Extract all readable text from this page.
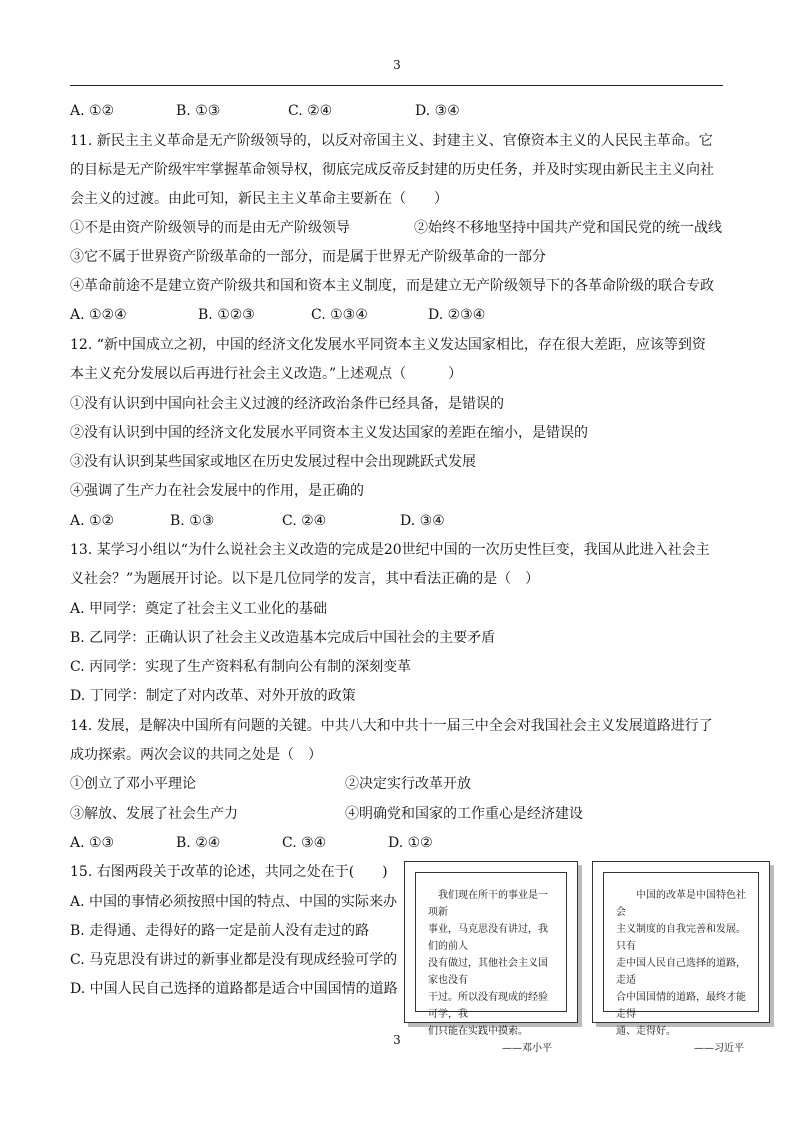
3
A. ①②	B. ①③	C. ②④	D. ③④
11. 新民主主义革命是无产阶级领导的，以反对帝国主义、封建主义、官僚资本主义的人民民主革命。它
的目标是无产阶级牢牢掌握革命领导权，彻底完成反帝反封建的历史任务，并及时实现由新民主主义向社
会主义的过渡。由此可知，新民主主义革命主要新在（　　）
①不是由资产阶级领导的而是由无产阶级领导	②始终不移地坚持中国共产党和国民党的统一战线
③它不属于世界资产阶级革命的一部分，而是属于世界无产阶级革命的一部分
④革命前途不是建立资产阶级共和国和资本主义制度，而是建立无产阶级领导下的各革命阶级的联合专政
A. ①②④	B. ①②③	C. ①③④	D. ②③④
12. “新中国成立之初，中国的经济文化发展水平同资本主义发达国家相比，存在很大差距，应该等到资
本主义充分发展以后再进行社会主义改造。”上述观点（　　　）
①没有认识到中国向社会主义过渡的经济政治条件已经具备，是错误的
②没有认识到中国的经济文化发展水平同资本主义发达国家的差距在缩小，是错误的
③没有认识到某些国家或地区在历史发展过程中会出现跳跃式发展
④强调了生产力在社会发展中的作用，是正确的
A. ①②	B. ①③	C. ②④	D. ③④
13. 某学习小组以“为什么说社会主义改造的完成是20世纪中国的一次历史性巨变，我国从此进入社会主
义社会？”为题展开讨论。以下是几位同学的发言，其中看法正确的是（　）
A. 甲同学：奠定了社会主义工业化的基础
B. 乙同学：正确认识了社会主义改造基本完成后中国社会的主要矛盾
C. 丙同学：实现了生产资料私有制向公有制的深刻变革
D. 丁同学：制定了对内改革、对外开放的政策
14. 发展，是解决中国所有问题的关键。中共八大和中共十一届三中全会对我国社会主义发展道路进行了
成功探索。两次会议的共同之处是（　）
①创立了邓小平理论	②决定实行改革开放
③解放、发展了社会生产力	④明确党和国家的工作重心是经济建设
A. ①③	B. ②④	C. ③④	D. ①②
15. 右图两段关于改革的论述，共同之处在于(　　)
A. 中国的事情必须按照中国的特点、中国的实际来办
B. 走得通、走得好的路一定是前人没有走过的路
C. 马克思没有讲过的新事业都是没有现成经验可学的
D. 中国人民自己选择的道路都是适合中国国情的道路
我们现在所干的事业是一项新
事业，马克思没有讲过，我们的前人
没有做过，其他社会主义国家也没有
干过。所以没有现成的经验可学，我
们只能在实践中摸索。
——邓小平
中国的改革是中国特色社会
主义制度的自我完善和发展。只有
走中国人民自己选择的道路，走适
合中国国情的道路，最终才能走得
通、走得好。
——习近平
3
